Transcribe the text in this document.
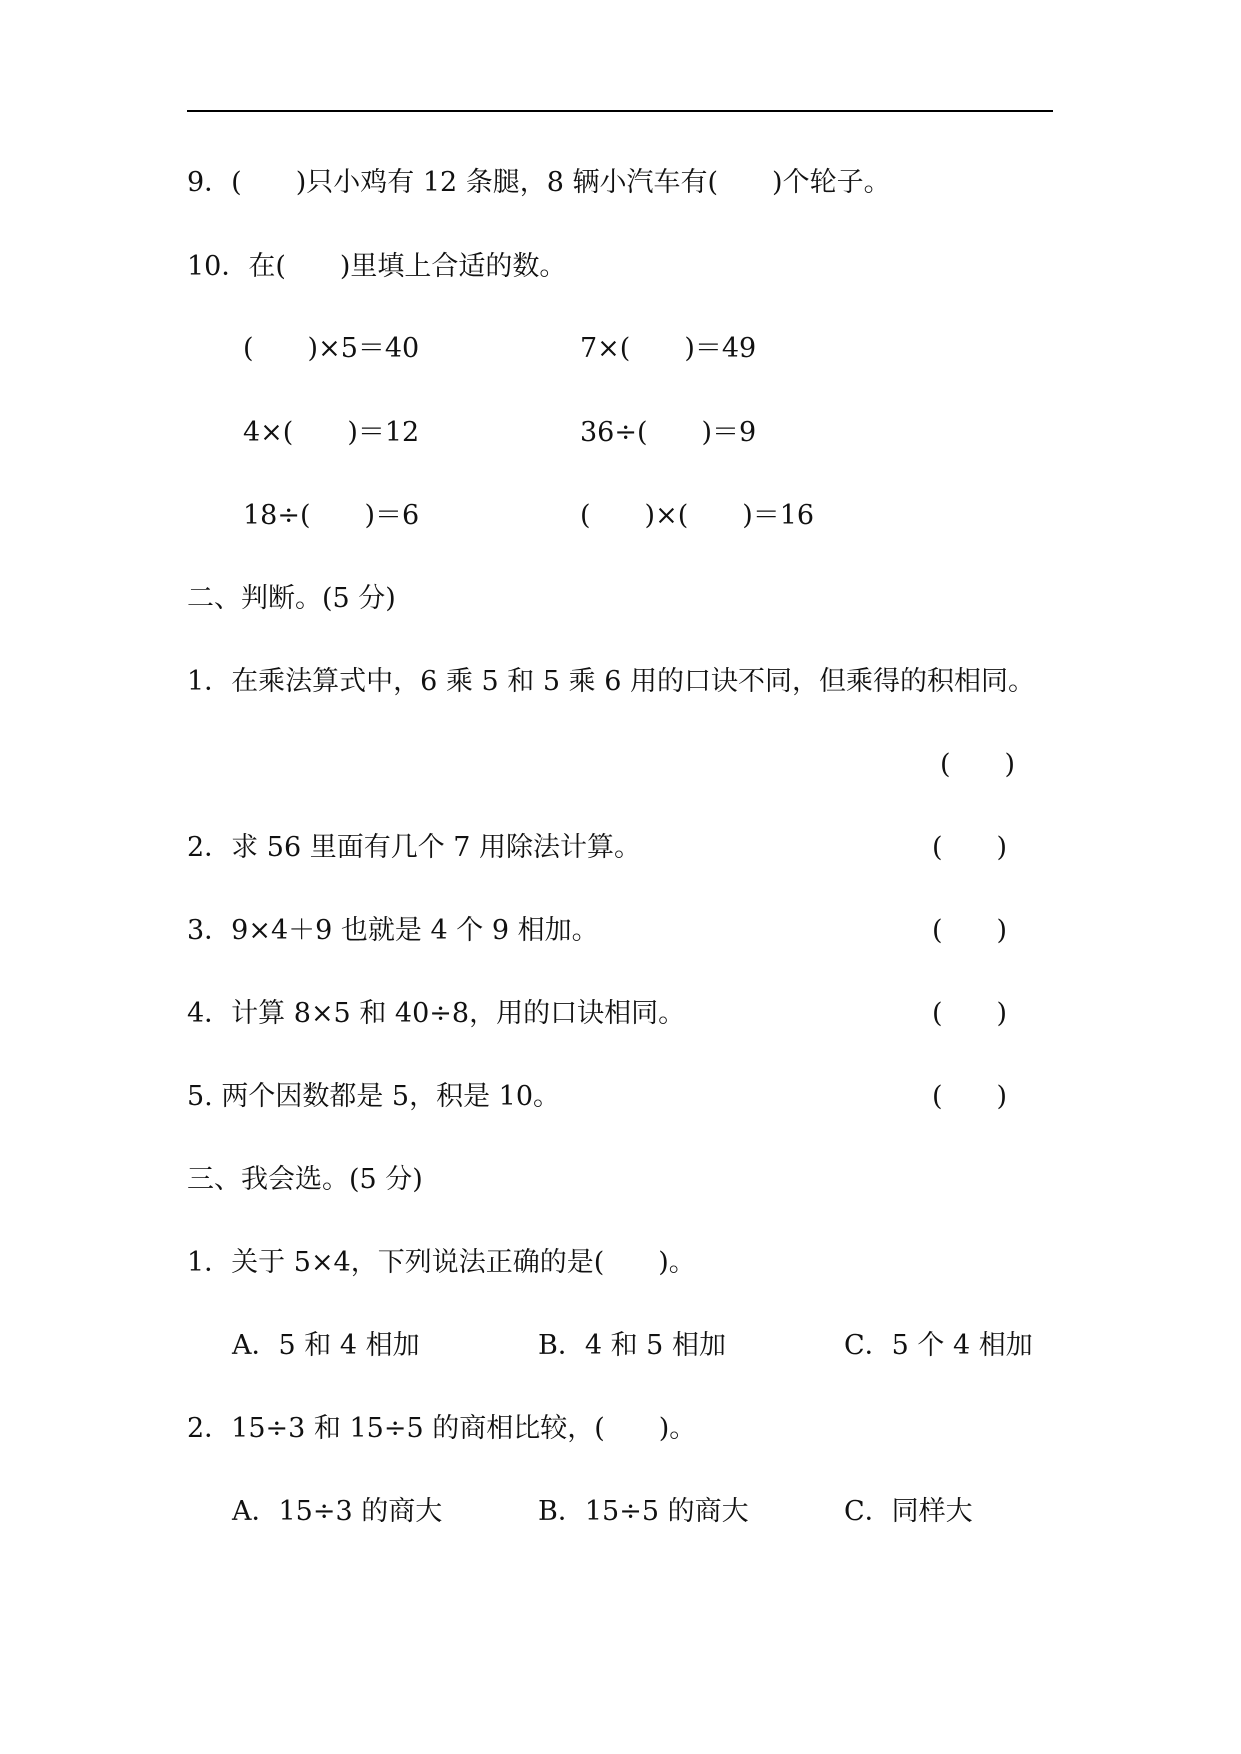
9．(　　)只小鸡有 12 条腿，8 辆小汽车有(　　)个轮子。
10．在(　　)里填上合适的数。
(　　)×5＝40	7×(　　)＝49
4×(　　)＝12	36÷(　　)＝9
18÷(　　)＝6	(　　)×(　　)＝16
二、判断。(5 分)
1．在乘法算式中，6 乘 5 和 5 乘 6 用的口诀不同，但乘得的积相同。
(　　)
2．求 56 里面有几个 7 用除法计算。	(　　)
3．9×4＋9 也就是 4 个 9 相加。	(　　)
4．计算 8×5 和 40÷8，用的口诀相同。	(　　)
5. 两个因数都是 5，积是 10。	(　　)
三、我会选。(5 分)
1．关于 5×4，下列说法正确的是(　　)。
A．5 和 4 相加	B．4 和 5 相加	C．5 个 4 相加
2．15÷3 和 15÷5 的商相比较，(　　)。
A．15÷3 的商大	B．15÷5 的商大	C．同样大
